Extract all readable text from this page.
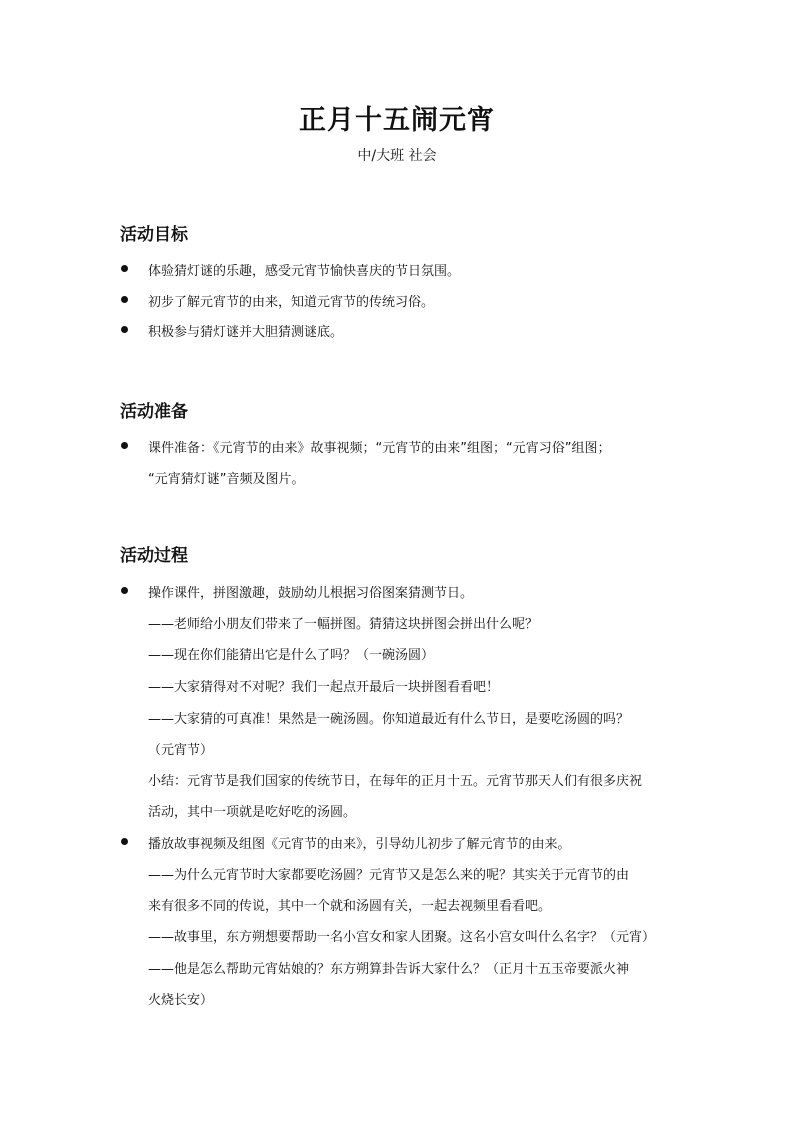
正月十五闹元宵
中/大班 社会
活动目标
体验猜灯谜的乐趣，感受元宵节愉快喜庆的节日氛围。
初步了解元宵节的由来，知道元宵节的传统习俗。
积极参与猜灯谜并大胆猜测谜底。
活动准备
课件准备：《元宵节的由来》故事视频；“元宵节的由来”组图；“元宵习俗”组图；
“元宵猜灯谜”音频及图片。
活动过程
操作课件，拼图激趣，鼓励幼儿根据习俗图案猜测节日。
——老师给小朋友们带来了一幅拼图。猜猜这块拼图会拼出什么呢？
——现在你们能猜出它是什么了吗？（一碗汤圆）
——大家猜得对不对呢？我们一起点开最后一块拼图看看吧！
——大家猜的可真准！果然是一碗汤圆。你知道最近有什么节日，是要吃汤圆的吗？
（元宵节）
小结：元宵节是我们国家的传统节日，在每年的正月十五。元宵节那天人们有很多庆祝
活动，其中一项就是吃好吃的汤圆。
播放故事视频及组图《元宵节的由来》，引导幼儿初步了解元宵节的由来。
——为什么元宵节时大家都要吃汤圆？元宵节又是怎么来的呢？其实关于元宵节的由
来有很多不同的传说，其中一个就和汤圆有关，一起去视频里看看吧。
——故事里，东方朔想要帮助一名小宫女和家人团聚。这名小宫女叫什么名字？（元宵）
——他是怎么帮助元宵姑娘的？东方朔算卦告诉大家什么？（正月十五玉帝要派火神
火烧长安）
